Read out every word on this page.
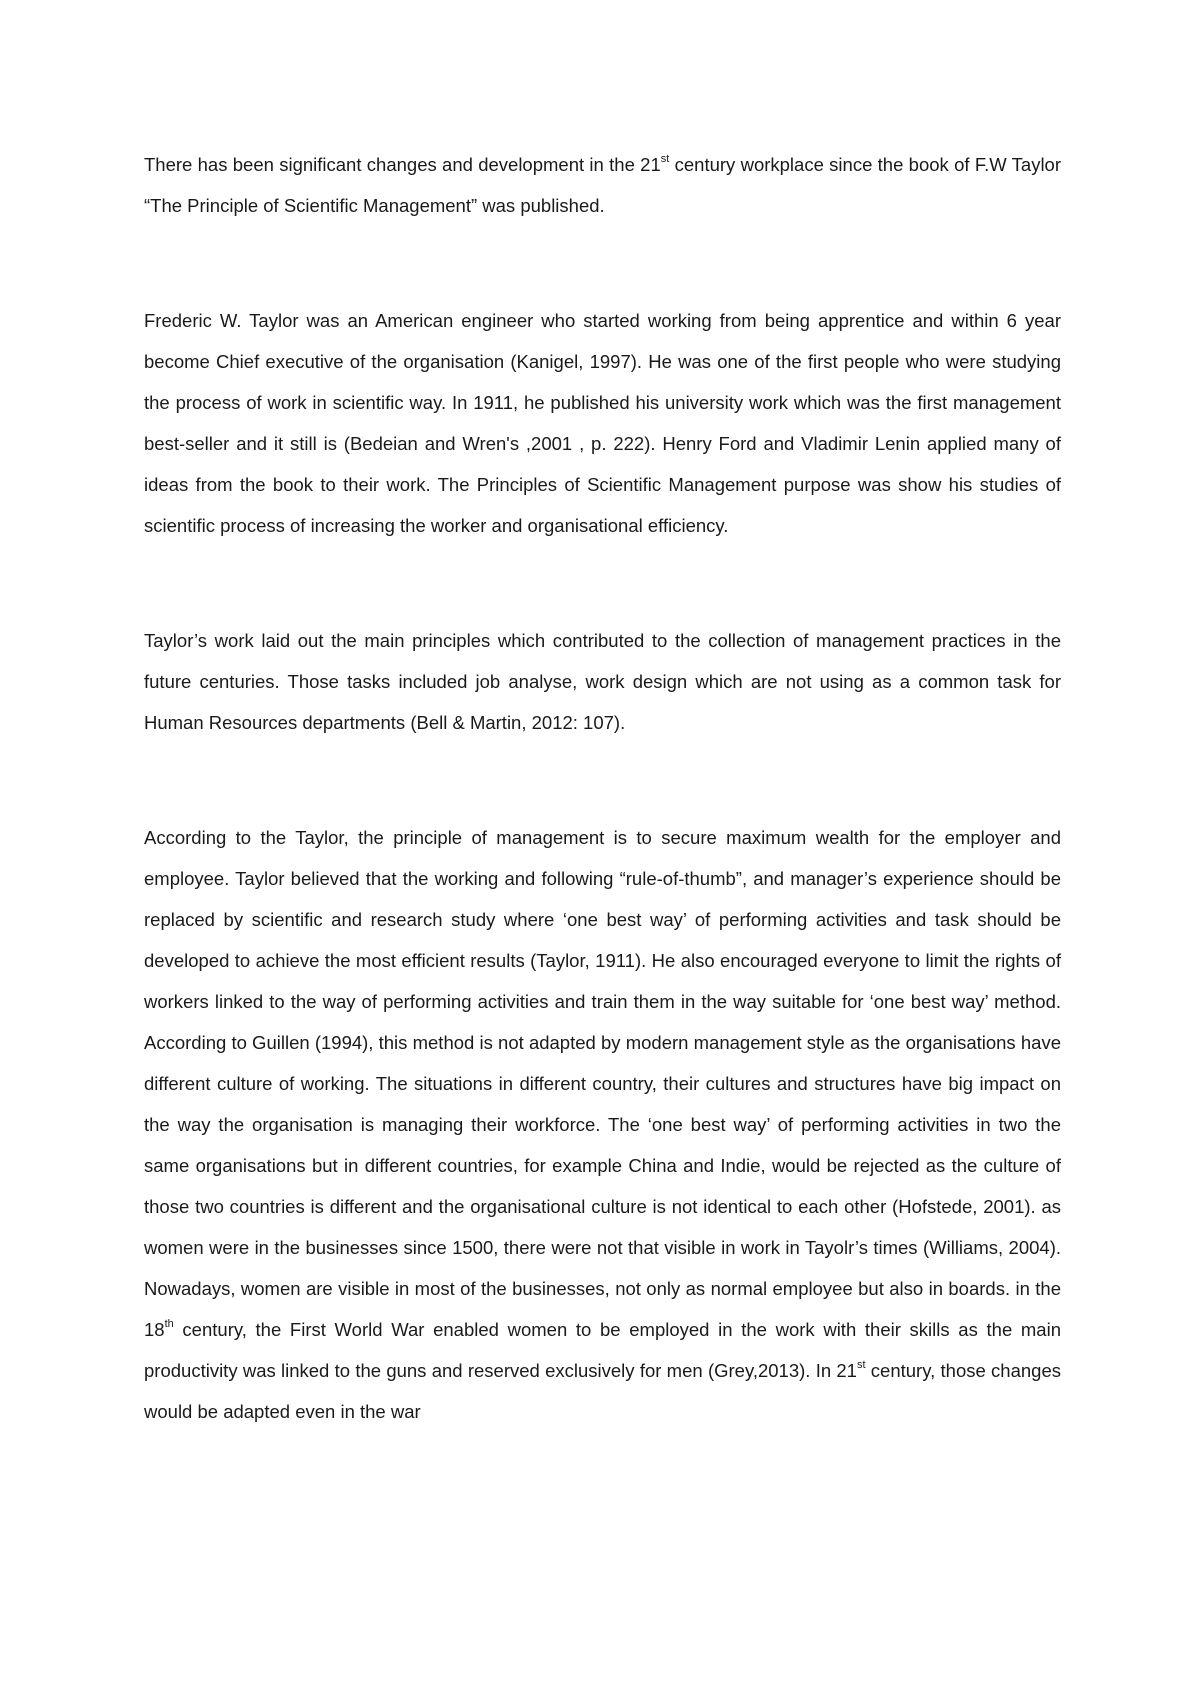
There has been significant changes and development in the 21st century workplace since the book of F.W Taylor “The Principle of Scientific Management” was published.

Frederic W. Taylor was an American engineer who started working from being apprentice and within 6 year become Chief executive of the organisation (Kanigel, 1997). He was one of the first people who were studying the process of work in scientific way. In 1911, he published his university work which was the first management best-seller and it still is (Bedeian and Wren's ,2001 , p. 222). Henry Ford and Vladimir Lenin applied many of ideas from the book to their work. The Principles of Scientific Management purpose was show his studies of scientific process of increasing the worker and organisational efficiency.

Taylor’s work laid out the main principles which contributed to the collection of management practices in the future centuries. Those tasks included job analyse, work design which are not using as a common task for Human Resources departments (Bell & Martin, 2012: 107).

According to the Taylor, the principle of management is to secure maximum wealth for the employer and employee. Taylor believed that the working and following “rule-of-thumb”, and manager’s experience should be replaced by scientific and research study where ‘one best way’ of performing activities and task should be developed to achieve the most efficient results (Taylor, 1911). He also encouraged everyone to limit the rights of workers linked to the way of performing activities and train them in the way suitable for ‘one best way’ method. According to Guillen (1994), this method is not adapted by modern management style as the organisations have different culture of working. The situations in different country, their cultures and structures have big impact on the way the organisation is managing their workforce. The ‘one best way’ of performing activities in two the same organisations but in different countries, for example China and Indie, would be rejected as the culture of those two countries is different and the organisational culture is not identical to each other (Hofstede, 2001). as women were in the businesses since 1500, there were not that visible in work in Tayolr’s times (Williams, 2004). Nowadays, women are visible in most of the businesses, not only as normal employee but also in boards. in the 18th century, the First World War enabled women to be employed in the work with their skills as the main productivity was linked to the guns and reserved exclusively for men (Grey,2013). In 21st century, those changes would be adapted even in the war
